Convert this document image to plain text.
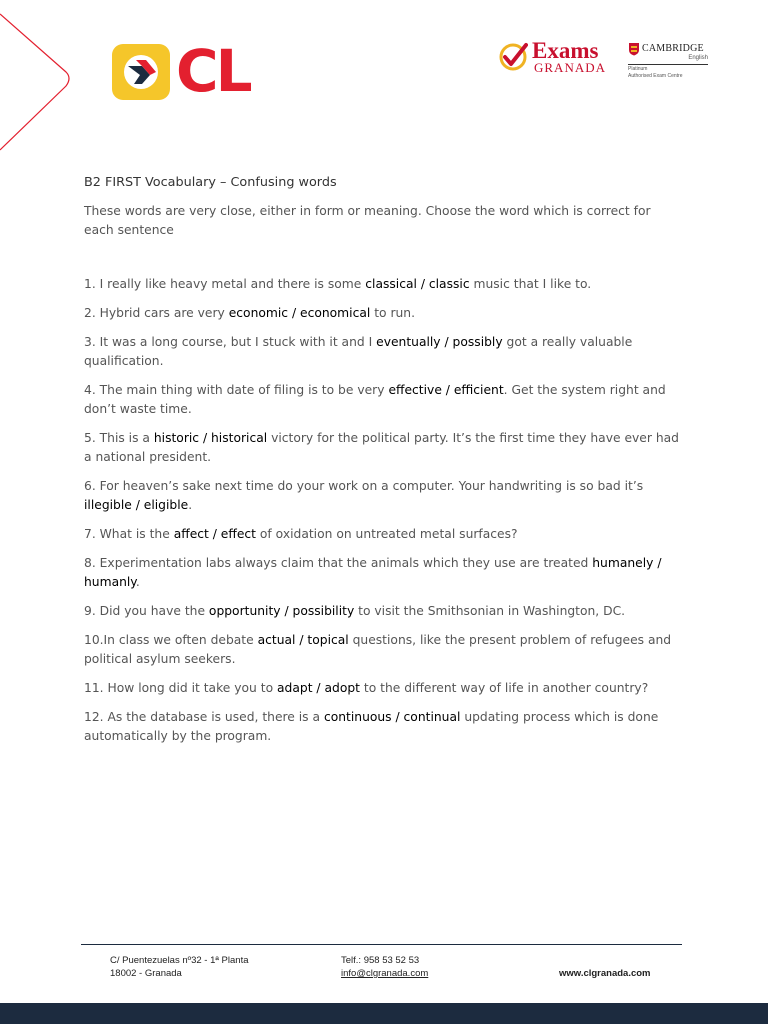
CL	Exams
GRANADA
CAMBRIDGE
English
Platinum
Authorised Exam Centre

B2 FIRST Vocabulary – Confusing words

These words are very close, either in form or meaning. Choose the word which is correct for each sentence

1. I really like heavy metal and there is some classical / classic music that I like to.

2. Hybrid cars are very economic / economical to run.

3. It was a long course, but I stuck with it and I eventually / possibly got a really valuable qualification.

4. The main thing with date of filing is to be very effective / efficient. Get the system right and don’t waste time.

5. This is a historic / historical victory for the political party. It’s the first time they have ever had a national president.

6. For heaven’s sake next time do your work on a computer. Your handwriting is so bad it’s illegible / eligible.

7. What is the affect / effect of oxidation on untreated metal surfaces?

8. Experimentation labs always claim that the animals which they use are treated humanely / humanly.

9. Did you have the opportunity / possibility to visit the Smithsonian in Washington, DC.

10.In class we often debate actual / topical questions, like the present problem of refugees and political asylum seekers.

11. How long did it take you to adapt / adopt to the different way of life in another country?

12. As the database is used, there is a continuous / continual updating process which is done automatically by the program.

C/ Puentezuelas nº32 - 1ª Planta
18002 - Granada
Telf.: 958 53 52 53
info@clgranada.com	www.clgranada.com
